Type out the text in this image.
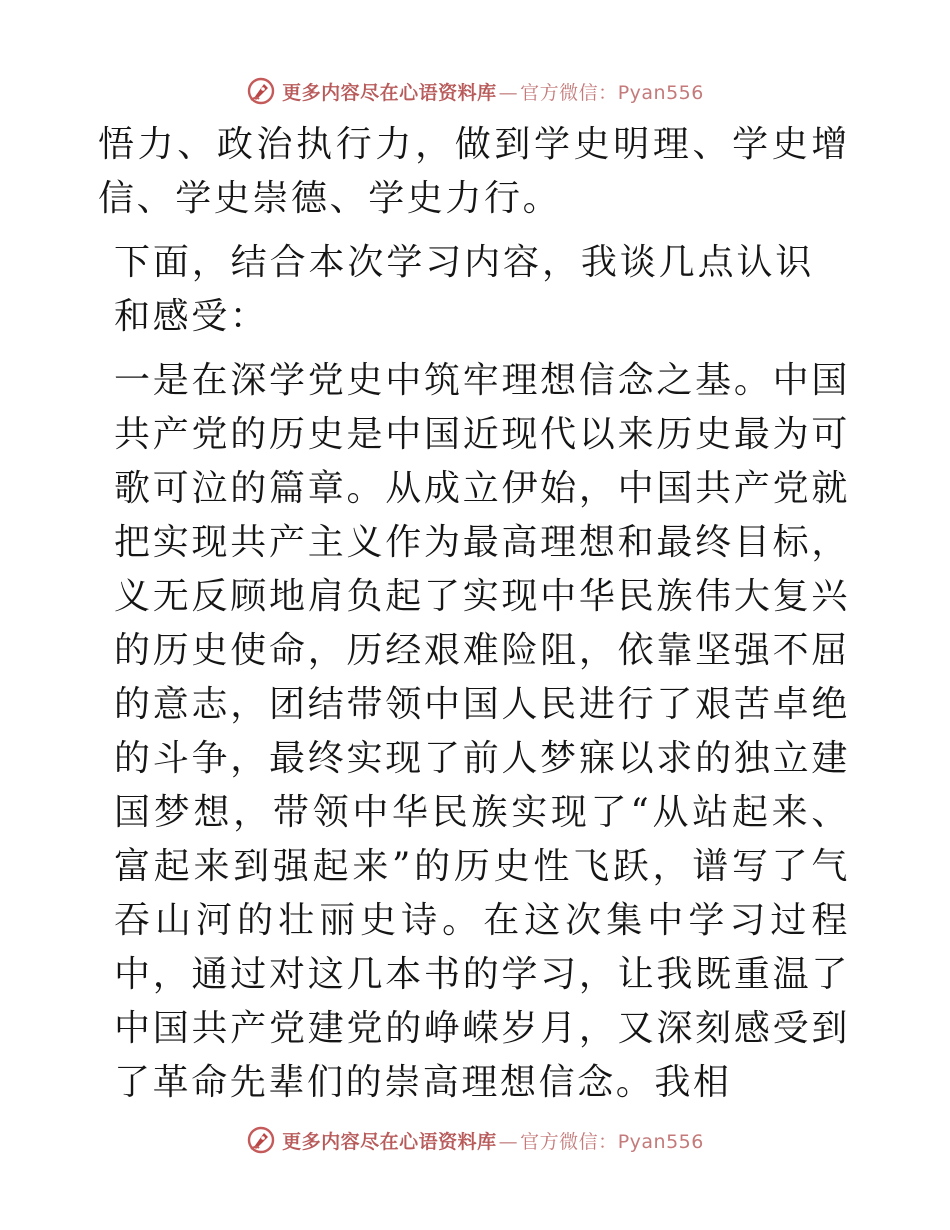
更多内容尽在心语资料库 — 官方微信：Pyan556

悟力、政治执行力，做到学史明理、学史增信、学史崇德、学史力行。

下面，结合本次学习内容，我谈几点认识和感受：

一是在深学党史中筑牢理想信念之基。中国共产党的历史是中国近现代以来历史最为可歌可泣的篇章。从成立伊始，中国共产党就把实现共产主义作为最高理想和最终目标，义无反顾地肩负起了实现中华民族伟大复兴的历史使命，历经艰难险阻，依靠坚强不屈的意志，团结带领中国人民进行了艰苦卓绝的斗争，最终实现了前人梦寐以求的独立建国梦想，带领中华民族实现了“从站起来、富起来到强起来”的历史性飞跃，谱写了气吞山河的壮丽史诗。在这次集中学习过程中，通过对这几本书的学习，让我既重温了中国共产党建党的峥嵘岁月，又深刻感受到了革命先辈们的崇高理想信念。我相

更多内容尽在心语资料库 — 官方微信：Pyan556
